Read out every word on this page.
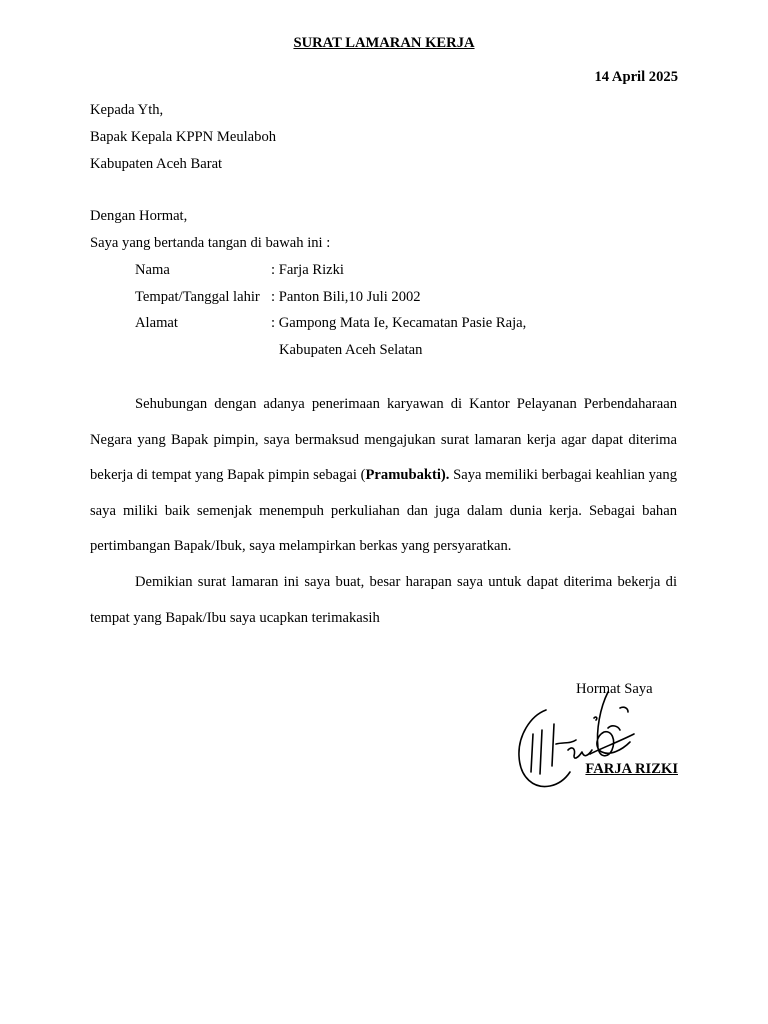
SURAT LAMARAN KERJA
14 April 2025
Kepada Yth,
Bapak Kepala KPPN Meulaboh
Kabupaten Aceh Barat
Dengan Hormat,
Saya yang bertanda tangan di bawah ini :
Nama	: Farja Rizki
Tempat/Tanggal lahir : Panton Bili,10 Juli 2002
Alamat	: Gampong Mata Ie, Kecamatan Pasie Raja,
Kabupaten Aceh Selatan

Sehubungan dengan adanya penerimaan karyawan di Kantor Pelayanan Perbendaharaan Negara yang Bapak pimpin, saya bermaksud mengajukan surat lamaran kerja agar dapat diterima bekerja di tempat yang Bapak pimpin sebagai (Pramubakti). Saya memiliki berbagai keahlian yang saya miliki baik semenjak menempuh perkuliahan dan juga dalam dunia kerja. Sebagai bahan pertimbangan Bapak/Ibuk, saya melampirkan berkas yang persyaratkan.

Demikian surat lamaran ini saya buat, besar harapan saya untuk dapat diterima bekerja di tempat yang Bapak/Ibu saya ucapkan terimakasih

Hormat Saya
FARJA RIZKI
